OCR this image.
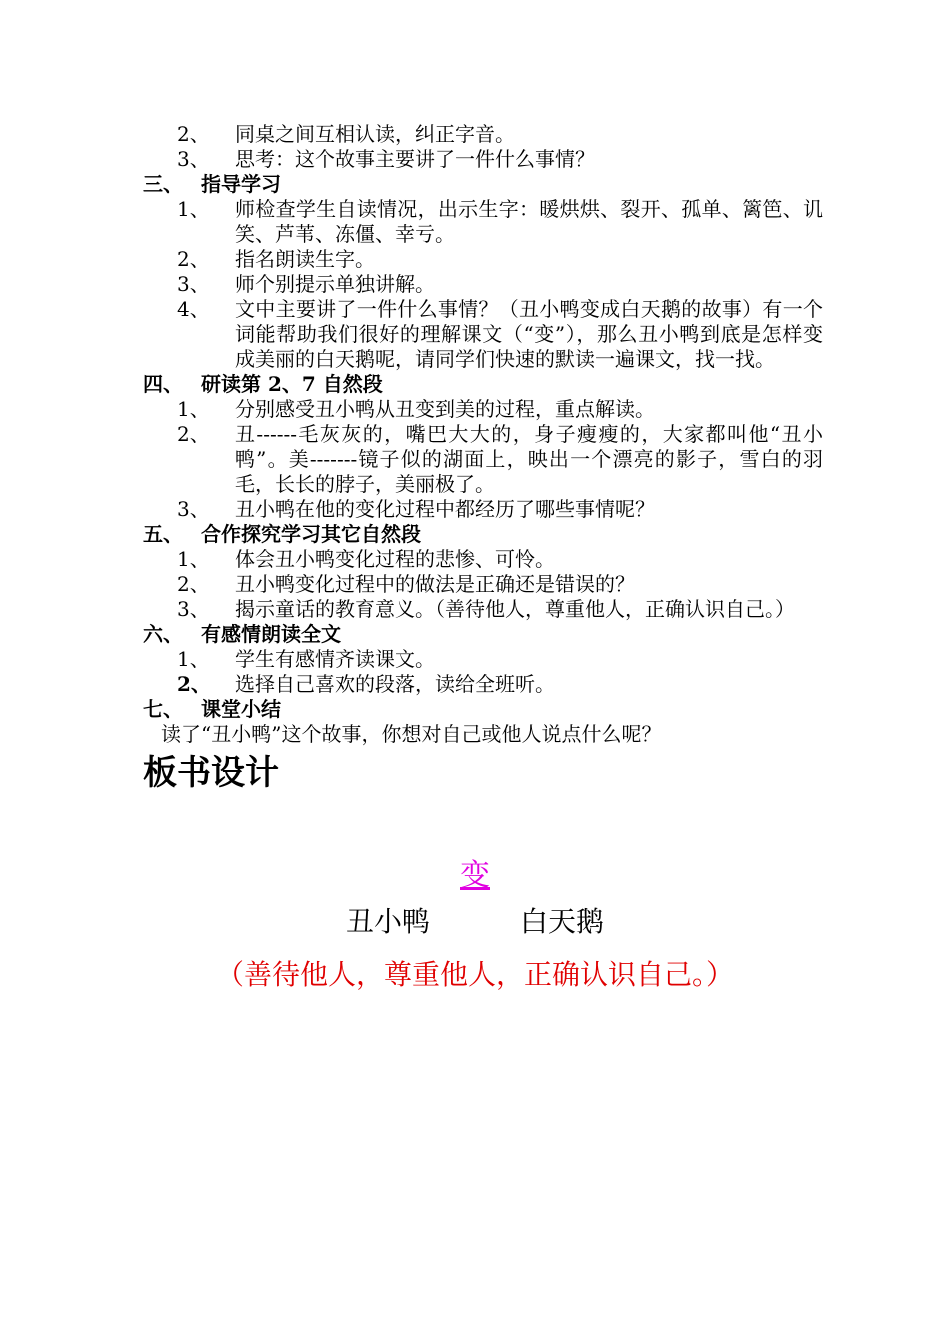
2、	同桌之间互相认读，纠正字音。
3、	思考：这个故事主要讲了一件什么事情？
三、 指导学习
1、	师检查学生自读情况，出示生字：暖烘烘、裂开、孤单、篱笆、讥笑、芦苇、冻僵、幸亏。
2、	指名朗读生字。
3、	师个别提示单独讲解。
4、	文中主要讲了一件什么事情？（丑小鸭变成白天鹅的故事）有一个词能帮助我们很好的理解课文（“变”），那么丑小鸭到底是怎样变成美丽的白天鹅呢，请同学们快速的默读一遍课文，找一找。
四、 研读第 2、7 自然段
1、	分别感受丑小鸭从丑变到美的过程，重点解读。
2、	丑------毛灰灰的，嘴巴大大的，身子瘦瘦的，大家都叫他“丑小鸭”。美-------镜子似的湖面上，映出一个漂亮的影子，雪白的羽毛，长长的脖子，美丽极了。
3、	丑小鸭在他的变化过程中都经历了哪些事情呢？
五、 合作探究学习其它自然段
1、	体会丑小鸭变化过程的悲惨、可怜。
2、	丑小鸭变化过程中的做法是正确还是错误的？
3、	揭示童话的教育意义。（善待他人，尊重他人，正确认识自己。）
六、 有感情朗读全文
1、	学生有感情齐读课文。
2、	选择自己喜欢的段落，读给全班听。
七、 课堂小结
读了“丑小鸭”这个故事，你想对自己或他人说点什么呢？
板书设计
变
丑小鸭	白天鹅
（善待他人，尊重他人，正确认识自己。）
